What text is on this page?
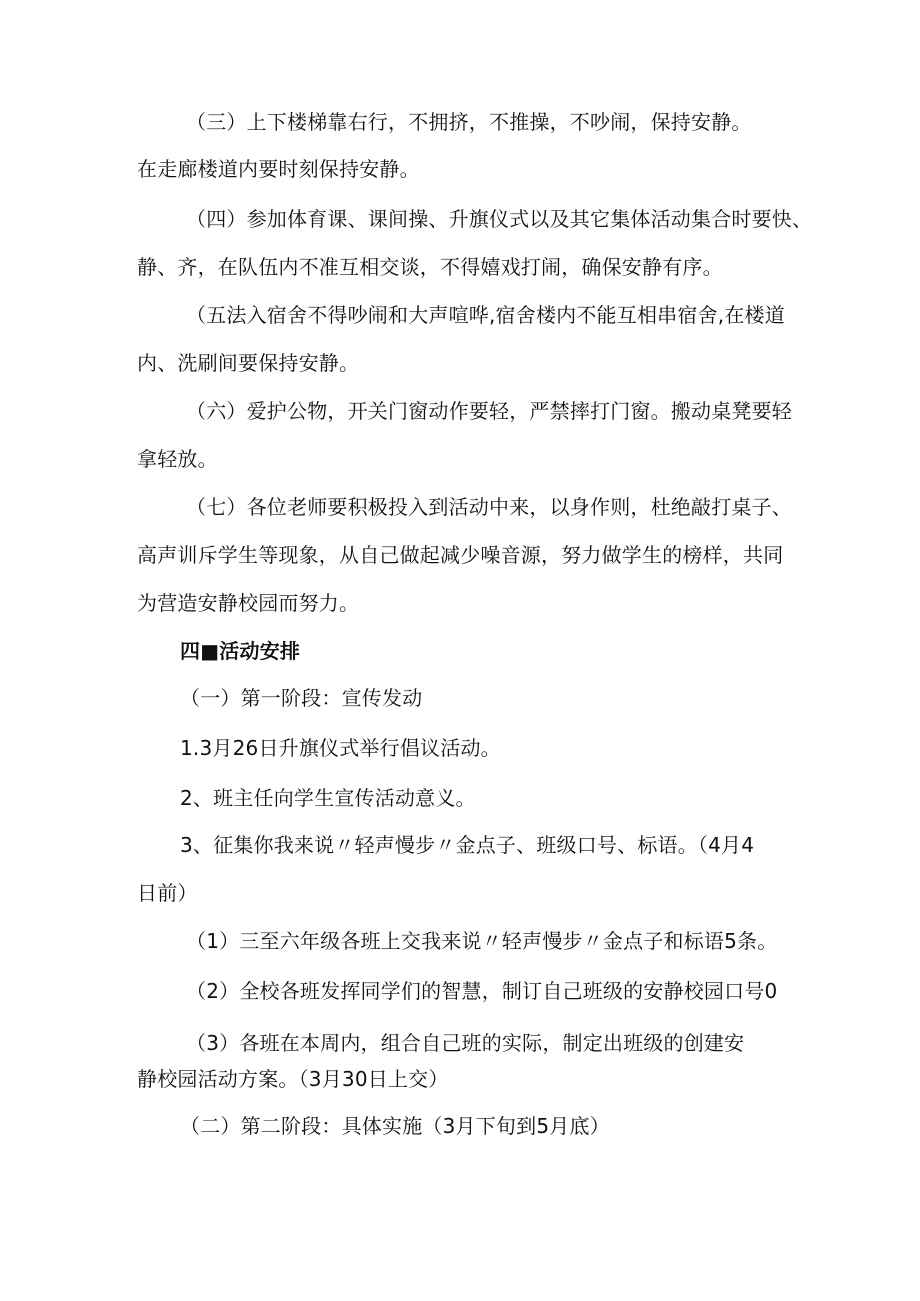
（三）上下楼梯靠右行，不拥挤，不推操，不吵闹，保持安静。
在走廊楼道内要时刻保持安静。
（四）参加体育课、课间操、升旗仪式以及其它集体活动集合时要快、
静、齐，在队伍内不准互相交谈，不得嬉戏打闹，确保安静有序。
（五法入宿舍不得吵闹和大声喧哗,宿舍楼内不能互相串宿舍,在楼道
内、洗刷间要保持安静。
（六）爱护公物，开关门窗动作要轻，严禁摔打门窗。搬动桌凳要轻
拿轻放。
（七）各位老师要积极投入到活动中来，以身作则，杜绝敲打桌子、
高声训斥学生等现象，从自己做起减少噪音源，努力做学生的榜样，共同
为营造安静校园而努力。
四■活动安排
（一）第一阶段：宣传发动
1.3月26日升旗仪式举行倡议活动。
2、班主任向学生宣传活动意义。
3、征集你我来说〃轻声慢步〃金点子、班级口号、标语。（4月4
日前）
（1）三至六年级各班上交我来说〃轻声慢步〃金点子和标语5条。
（2）全校各班发挥同学们的智慧，制订自己班级的安静校园口号0
（3）各班在本周内，组合自己班的实际，制定出班级的创建安
静校园活动方案。（3月30日上交）
（二）第二阶段：具体实施（3月下旬到5月底）
